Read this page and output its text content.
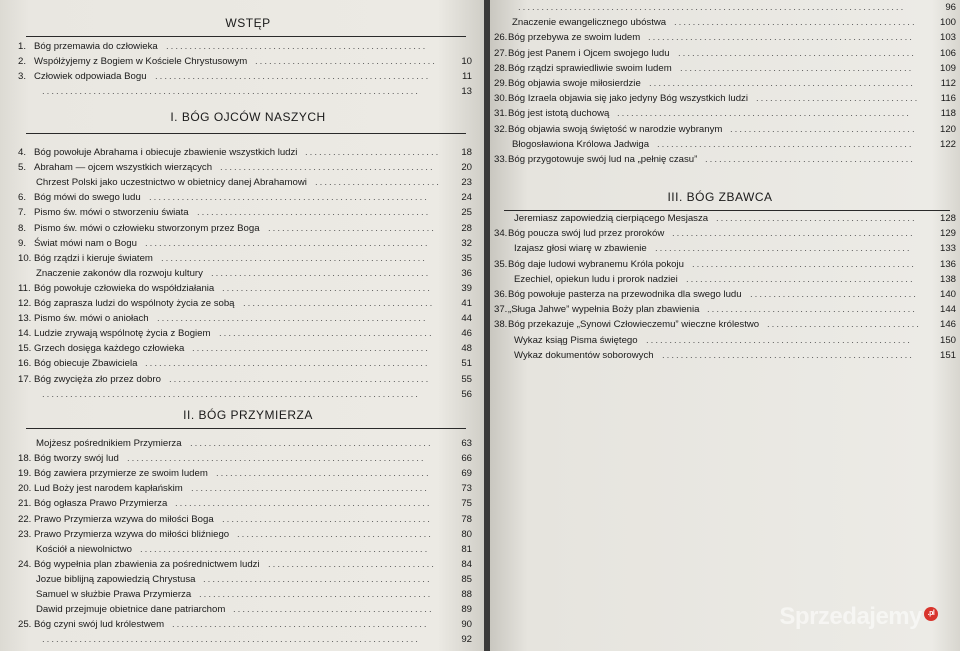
WSTĘP
1. Bóg przemawia do człowieka ........................................................
2. Współżyjemy z Bogiem w Kościele Chrystusowym .......................................	10
3. Człowiek odpowiada Bogu ...........................................................	11
.................................................................................	13
I. BÓG OJCÓW NASZYCH
4. Bóg powołuje Abrahama i obiecuje zbawienie wszystkich ludzi .............................	18
5. Abraham — ojcem wszystkich wierzących ..............................................	20
Chrzest Polski jako uczestnictwo w obietnicy danej Abrahamowi ...........................	23
6. Bóg mówi do swego ludu ............................................................	24
7. Pismo św. mówi o stworzeniu świata ..................................................	25
8. Pismo św. mówi o człowieku stworzonym przez Boga ....................................	28
9. Świat mówi nam o Bogu .............................................................	32
10. Bóg rządzi i kieruje światem .........................................................	35
Znaczenie zakonów dla rozwoju kultury ...............................................	36
11. Bóg powołuje człowieka do współdziałania .............................................	39
12. Bóg zaprasza ludzi do wspólnoty życia ze sobą .........................................	41
13. Pismo św. mówi o aniołach ..........................................................	44
14. Ludzie zrywają wspólnotę życia z Bogiem ..............................................	46
15. Grzech dosięga każdego człowieka ...................................................	48
16. Bóg obiecuje Zbawiciela .............................................................	51
17. Bóg zwycięża zło przez dobro ........................................................	55
.................................................................................	56
II. BÓG PRZYMIERZA
Mojżesz pośrednikiem Przymierza ....................................................	63
18. Bóg tworzy swój lud ................................................................	66
19. Bóg zawiera przymierze ze swoim ludem ..............................................	69
20. Lud Boży jest narodem kapłańskim ...................................................	73
21. Bóg ogłasza Prawo Przymierza .......................................................	75
22. Prawo Przymierza wzywa do miłości Boga .............................................	78
23. Prawo Przymierza wzywa do miłości bliźniego ..........................................	80
Kościół a niewolnictwo ..............................................................	81
24. Bóg wypełnia plan zbawienia za pośrednictwem ludzi ....................................	84
Jozue biblijną zapowiedzią Chrystusa .................................................	85
Samuel w służbie Prawa Przymierza ..................................................	88
Dawid przejmuje obietnice dane patriarchom ...........................................	89
25. Bóg czyni swój lud królestwem .......................................................	90
.................................................................................	92
...................................................................................	96
Znaczenie ewangelicznego ubóstwa ....................................................	100
26. Bóg przebywa ze swoim ludem .........................................................	103
27. Bóg jest Panem i Ojcem swojego ludu ...................................................	106
28. Bóg rządzi sprawiedliwie swoim ludem ..................................................	109
29. Bóg objawia swoje miłosierdzie .........................................................	112
30. Bóg Izraela objawia się jako jedyny Bóg wszystkich ludzi ...................................	116
31. Bóg jest istotą duchową ...............................................................	118
32. Bóg objawia swoją świętość w narodzie wybranym ........................................	120
Błogosławiona Królowa Jadwiga .......................................................	122
33. Bóg przygotowuje swój lud na „pełnię czasu” .............................................
III. BÓG ZBAWCA
Jeremiasz zapowiedzią cierpiącego Mesjasza ...........................................	128
34. Bóg poucza swój lud przez proroków ....................................................	129
Izajasz głosi wiarę w zbawienie .......................................................	133
35. Bóg daje ludowi wybranemu Króla pokoju ................................................	136
Ezechiel, opiekun ludu i prorok nadziei .................................................	138
36. Bóg powołuje pasterza na przewodnika dla swego ludu ....................................	140
37. „Sługa Jahwe” wypełnia Boży plan zbawienia .............................................	144
38. Bóg przekazuje „Synowi Człowieczemu” wieczne królestwo .................................	146
Wykaz ksiąg Pisma świętego .........................................................	150
Wykaz dokumentów soborowych ......................................................	151
Sprzedajemy .pl
